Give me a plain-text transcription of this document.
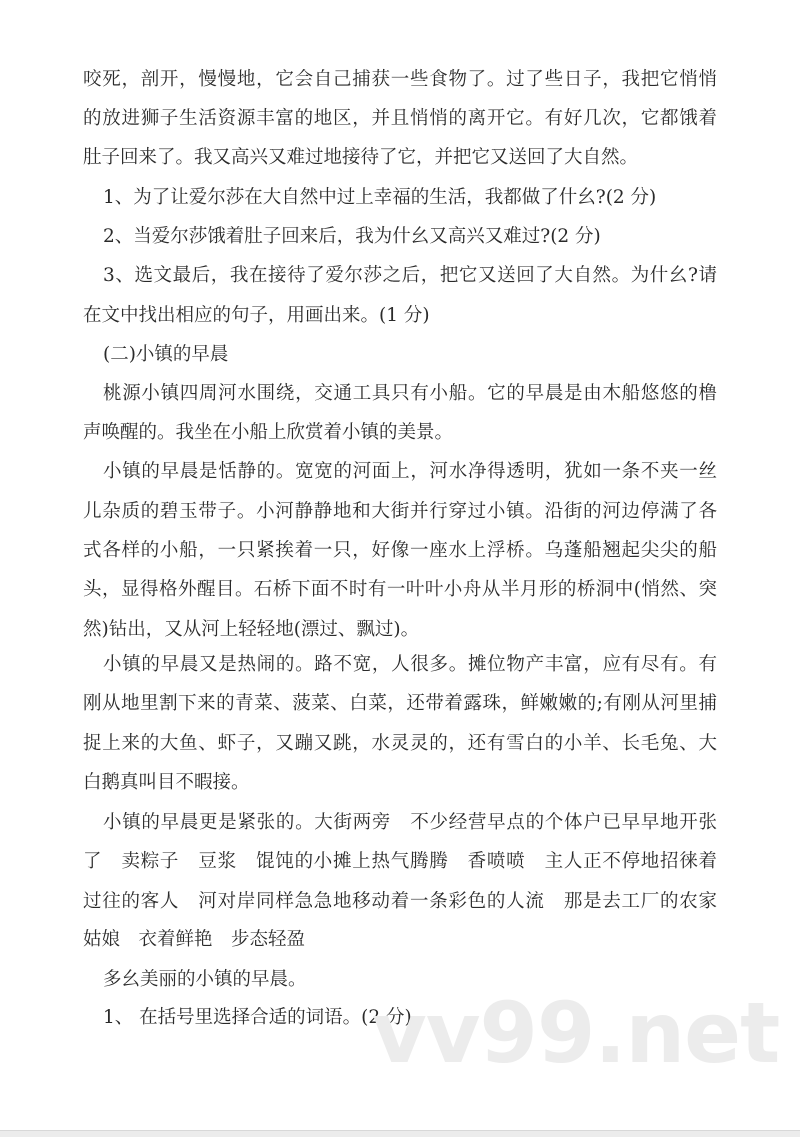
咬死，剖开，慢慢地，它会自己捕获一些食物了。过了些日子，我把它悄悄
的放进狮子生活资源丰富的地区，并且悄悄的离开它。有好几次，它都饿着
肚子回来了。我又高兴又难过地接待了它，并把它又送回了大自然。
1、为了让爱尔莎在大自然中过上幸福的生活，我都做了什幺?(2 分)
2、当爱尔莎饿着肚子回来后，我为什幺又高兴又难过?(2 分)
3、选文最后，我在接待了爱尔莎之后，把它又送回了大自然。为什幺?请
在文中找出相应的句子，用画出来。(1 分)
(二)小镇的早晨
桃源小镇四周河水围绕，交通工具只有小船。它的早晨是由木船悠悠的橹
声唤醒的。我坐在小船上欣赏着小镇的美景。
小镇的早晨是恬静的。宽宽的河面上，河水净得透明，犹如一条不夹一丝
儿杂质的碧玉带子。小河静静地和大街并行穿过小镇。沿街的河边停满了各
式各样的小船，一只紧挨着一只，好像一座水上浮桥。乌蓬船翘起尖尖的船
头，显得格外醒目。石桥下面不时有一叶叶小舟从半月形的桥洞中(悄然、突
然)钻出，又从河上轻轻地(漂过、飘过)。
小镇的早晨又是热闹的。路不宽，人很多。摊位物产丰富，应有尽有。有
刚从地里割下来的青菜、菠菜、白菜，还带着露珠，鲜嫩嫩的;有刚从河里捕
捉上来的大鱼、虾子，又蹦又跳，水灵灵的，还有雪白的小羊、长毛兔、大
白鹅真叫目不暇接。
小镇的早晨更是紧张的。大街两旁　不少经营早点的个体户已早早地开张
了　卖粽子　豆浆　馄饨的小摊上热气腾腾　香喷喷　主人正不停地招徕着
过往的客人　河对岸同样急急地移动着一条彩色的人流　那是去工厂的农家
姑娘　衣着鲜艳　步态轻盈
多幺美丽的小镇的早晨。
1、 在括号里选择合适的词语。(2 分)
vv99.net
